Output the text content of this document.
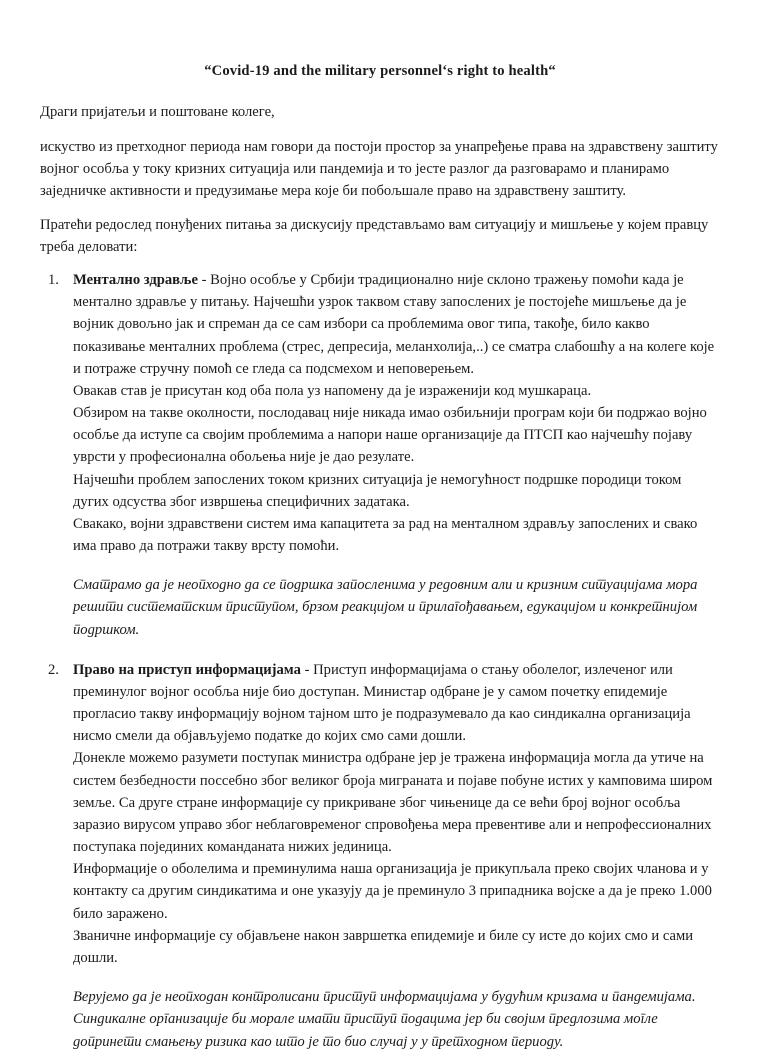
“Covid-19 and the military personnel‘s right to health“

Драги пријатељи и поштоване колеге,

искуство из претходног периода нам говори да постоји простор за унапређење права на здравствену заштиту војног особља у току кризних ситуација или пандемија и то јесте разлог да разговарамо и планирамо заједничке активности и предузимање мера које би побољшале право на здравствену заштиту.

Пратећи редослед понуђених питања за дискусију представљамо вам ситуацију и мишљење у којем правцу треба деловати:

1. Ментално здравље - Војно особље у Србији традиционално није склоно тражењу помоћи када је ментално здравље у питању. Најчешћи узрок таквом ставу запослених је постојеће мишљење да је војник довољно јак и спреман да се сам избори са проблемима овог типа, такође, било какво показивање менталних проблема (стрес, депресија, меланхолија,..) се сматра слабошћу а на колеге које и потраже стручну помоћ се гледа са подсмехом и неповерењем.
Овакав став је присутан код оба пола уз напомену да је израженији код мушкараца.
Обзиром на такве околности, послодавац није никада имао озбиљнији програм који би подржао војно особље да иступе са својим проблемима а напори наше организације да ПТСП као најчешћу појаву уврсти у професионална обољења није је дао резулате.
Најчешћи проблем запослених током кризних ситуација је немогућност подршке породици током дугих одсуства због извршења специфичних задатака.
Свакако, војни здравствени систем има капацитета за рад на менталном здрављу запослених и свако има право да потражи такву врсту помоћи.

Сматрамо да је неопходно да се подршка запосленима у редовним али и кризним ситуацијама мора решити систематским приступом, брзом реакцијом и прилагођавањем, едукацијом и конкретнијом подршком.

2. Право на приступ информацијама - Приступ информацијама о стању оболелог, излеченог или преминулог војног особља није био доступан. Министар одбране је у самом почетку епидемије прогласио такву информацију војном тајном што је подразумевало да као синдикална организација нисмо смели да објављујемо податке до којих смо сами дошли.
Донекле можемо разумети поступак министра одбране јер је тражена информација могла да утиче на систем безбедности поссебно због великог броја миграната и појаве побуне истих у камповима широм земље. Са друге стране информације су прикриване због чињенице да се већи број војног особља заразио вирусом управо због неблаговременог спровођења мера превентиве али и непрофессионалних поступака појединих команданата нижих јединица.
Информације о оболелима и преминулима наша организација је прикупљала преко својих чланова и у контакту са другим синдикатима и оне указују да је преминуло 3 припадника војске а да је преко 1.000 било заражено.
Званичне информације су објављене након завршетка епидемије и биле су исте до којих смо и сами дошли.

Верујемо да је неопходан контролисани приступ информацијама у будућим кризама и пандемијама. Синдикалне организације би морале имати приступ подацима јер би својим предлозима могле допринети смањењу ризика као што је то био случај у у претходном периоду.
